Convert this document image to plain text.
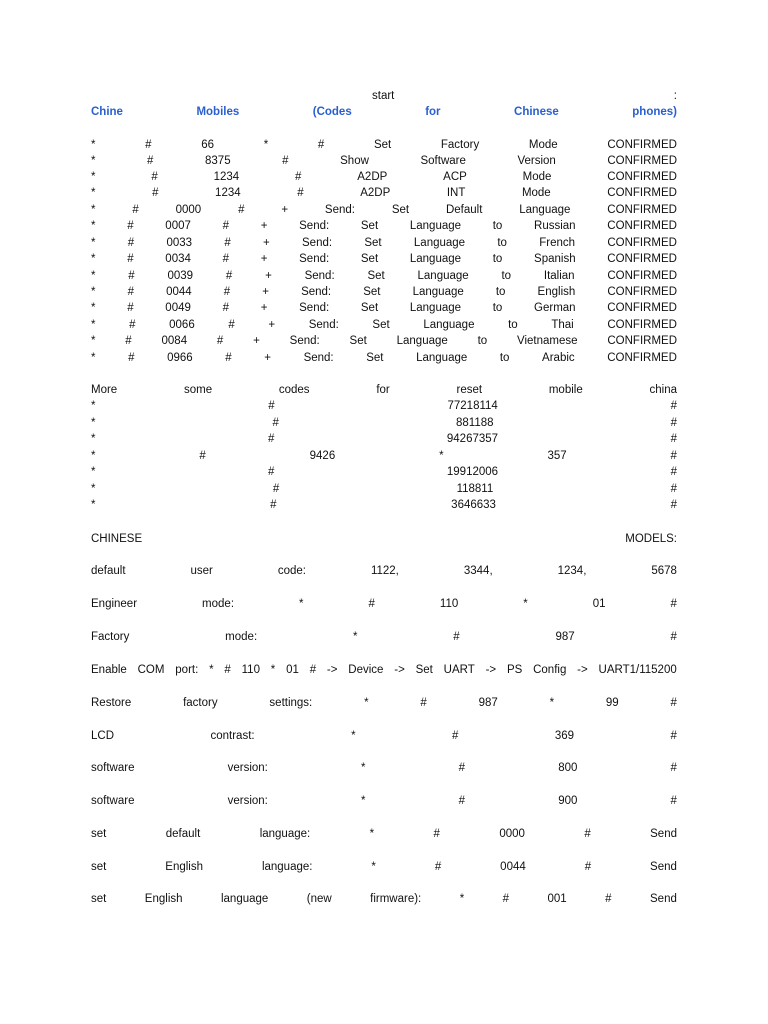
start	:
Chine	Mobiles	(Codes	for	Chinese	phones)
*	#	66	*	#	Set	Factory	Mode	CONFIRMED
*	#	8375	#	Show	Software	Version	CONFIRMED
*	#	1234	#	A2DP	ACP	Mode	CONFIRMED
*	#	1234	#	A2DP	INT	Mode	CONFIRMED
*	#	0000	#	+	Send:	Set	Default	Language	CONFIRMED
*	#	0007	#	+	Send:	Set	Language	to	Russian	CONFIRMED
*	#	0033	#	+	Send:	Set	Language	to	French	CONFIRMED
*	#	0034	#	+	Send:	Set	Language	to	Spanish	CONFIRMED
*	#	0039	#	+	Send:	Set	Language	to	Italian	CONFIRMED
*	#	0044	#	+	Send:	Set	Language	to	English	CONFIRMED
*	#	0049	#	+	Send:	Set	Language	to	German	CONFIRMED
*	#	0066	#	+	Send:	Set	Language	to	Thai	CONFIRMED
*	#	0084	#	+	Send:	Set	Language	to	Vietnamese	CONFIRMED
*	#	0966	#	+	Send:	Set	Language	to	Arabic	CONFIRMED
More	some	codes	for	reset	mobile	china
*	#	77218114	#
*	#	881188	#
*	#	94267357	#
*	#	9426	*	357	#
*	#	19912006	#
*	#	118811	#
*	#	3646633	#
CHINESE	MODELS:
default	user	code:	1122,	3344,	1234,	5678
Engineer	mode:	*	#	110	*	01	#
Factory	mode:	*	#	987	#
Enable COM port: * # 110 * 01 # -> Device -> Set UART -> PS Config -> UART1/115200
Restore	factory	settings:	*	#	987	*	99	#
LCD	contrast:	*	#	369	#
software	version:	*	#	800	#
software	version:	*	#	900	#
set	default	language:	*	#	0000	#	Send
set	English	language:	*	#	0044	#	Send
set	English	language	(new	firmware):	*	#	001	#	Send
